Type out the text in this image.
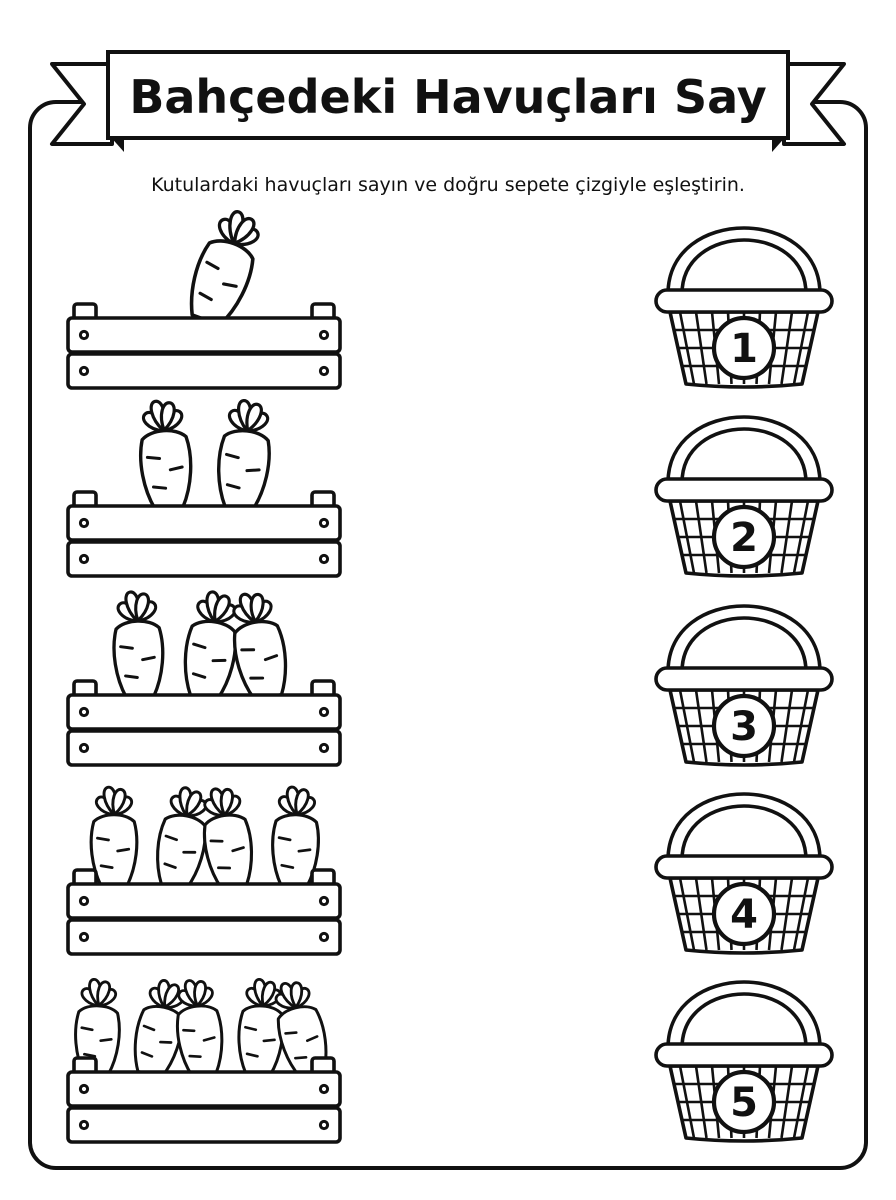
Bahçedeki Havuçları Say
Kutulardaki havuçları sayın ve doğru sepete çizgiyle eşleştirin.
1
2
3
4
5
